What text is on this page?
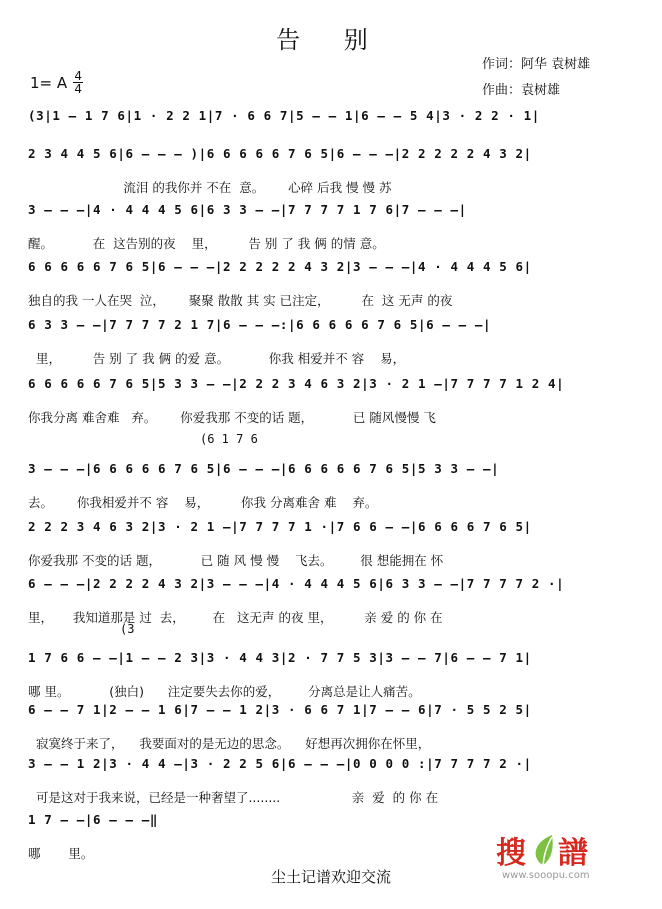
告 别
作词：阿华 袁树雄
作曲：袁树雄
1= A 4
4
(3|1 – 1 7 6|1 · 2 2 1|7 · 6 6 7|5 – – 1|6 – – 5 4|3 · 2 2 · 1|
2 3 4 4 5 6|6 – – – )|6 6 6 6 6 7 6 5|6 – – –|2 2 2 2 2 4 3 2|
流泪 的我你并 不在  意。      心碎 后我 慢 慢 苏
3 – – –|4 · 4 4 4 5 6|6 3 3 – –|7 7 7 7 1 7 6|7 – – –|
醒。          在  这告别的夜    里，        告 别 了 我 俩 的情 意。
6 6 6 6 6 7 6 5|6 – – –|2 2 2 2 2 4 3 2|3 – – –|4 · 4 4 4 5 6|
独自的我 一人在哭  泣，      聚聚 散散 其 实 已注定，        在  这 无声 的夜
6 3 3 – –|7 7 7 7 2 1 7|6 – – –:|6 6 6 6 6 7 6 5|6 – – –|
里，        告 别 了 我 俩 的爱 意。          你我 相爱并不 容    易，
6 6 6 6 6 7 6 5|5 3 3 – –|2 2 2 3 4 6 3 2|3 · 2 1 –|7 7 7 7 1 2 4|
你我分离 难舍难   弃。      你爱我那 不变的话 题，          已 随风慢慢 飞
(6 1 7 6
3 – – –|6 6 6 6 6 7 6 5|6 – – –|6 6 6 6 6 7 6 5|5 3 3 – –|
去。      你我相爱并不 容    易，        你我 分离难舍 难    弃。
2 2 2 3 4 6 3 2|3 · 2 1 –|7 7 7 7 1 ·|7 6 6 – –|6 6 6 6 7 6 5|
你爱我那 不变的话 题，          已 随 风 慢 慢    飞去。       很 想能拥在 怀
6 – – –|2 2 2 2 4 3 2|3 – – –|4 · 4 4 4 5 6|6 3 3 – –|7 7 7 7 2 ·|
里，     我知道那是 过  去，       在   这无声 的夜 里，        亲 爱 的 你 在
(3
1 7 6 6 – –|1 – – 2 3|3 · 4 4 3|2 · 7 7 5 3|3 – – 7|6 – – 7 1|
哪 里。          (独白)      注定要失去你的爱，       分离总是让人痛苦。
6 – – 7 1|2 – – 1 6|7 – – 1 2|3 · 6 6 7 1|7 – – 6|7 · 5 5 2 5|
寂寞终于来了，    我要面对的是无边的思念。    好想再次拥你在怀里，
3 – – 1 2|3 · 4 4 –|3 · 2 2 5 6|6 – – –|0 0 0 0 :|7 7 7 7 2 ·|
可是这对于我来说，已经是一种奢望了........                  亲  爱  的 你 在
1 7 – –|6 – – –‖
哪       里。	搜 譜
www.sooopu.com
尘土记谱欢迎交流
